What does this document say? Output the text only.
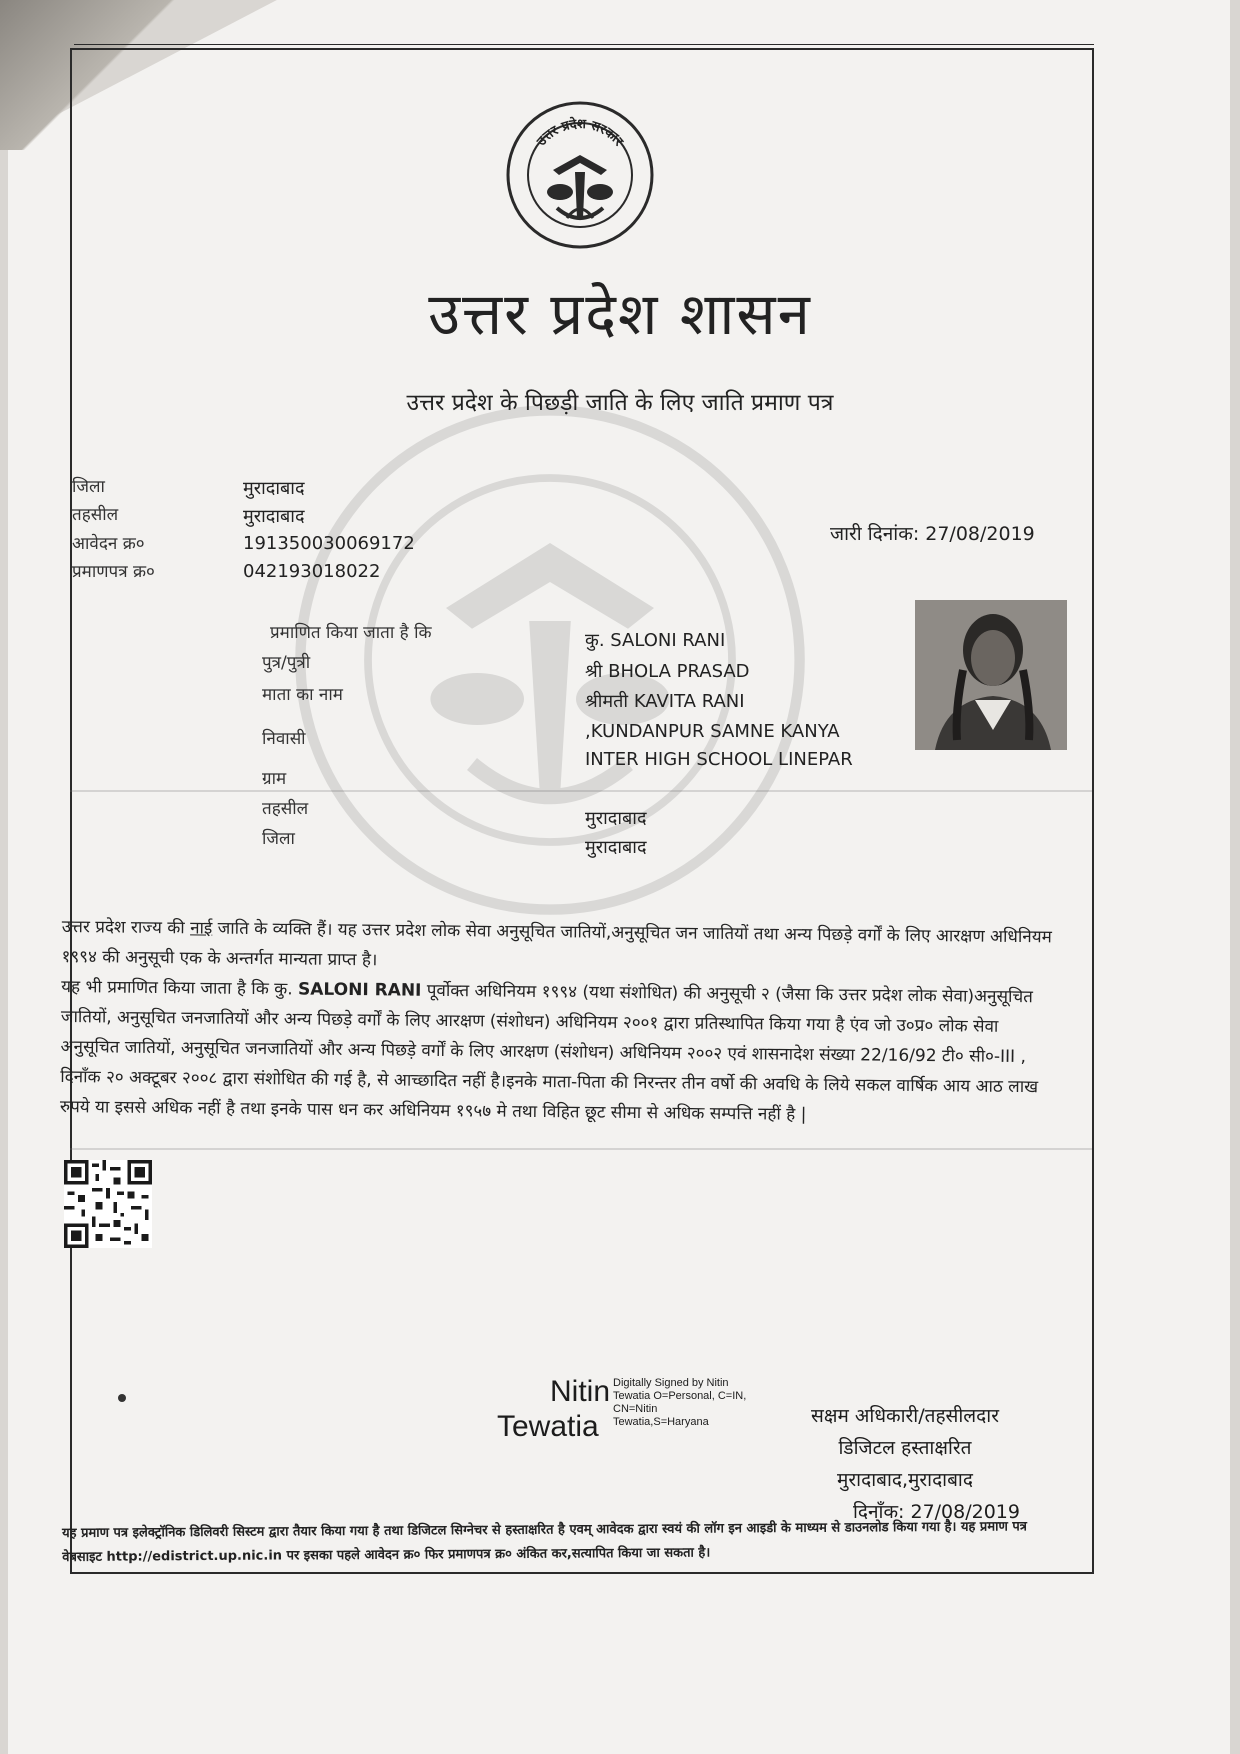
उत्तर प्रदेश सरकार
उत्तर प्रदेश शासन
उत्तर प्रदेश के पिछड़ी जाति के लिए जाति प्रमाण पत्र
जिला	मुरादाबाद
तहसील	मुरादाबाद
आवेदन क्र०	191350030069172
प्रमाणपत्र क्र०	042193018022
जारी दिनांक: 27/08/2019
प्रमाणित किया जाता है कि	कु. SALONI RANI
पुत्र/पुत्री	श्री BHOLA PRASAD
माता का नाम	श्रीमती KAVITA RANI
निवासी	,KUNDANPUR SAMNE KANYA
INTER HIGH SCHOOL LINEPAR
ग्राम
तहसील	मुरादाबाद
जिला	मुरादाबाद

उत्तर प्रदेश राज्य की नाई जाति के व्यक्ति हैं। यह उत्तर प्रदेश लोक सेवा अनुसूचित जातियों,अनुसूचित जन जातियों तथा अन्य पिछड़े वर्गों के लिए आरक्षण अधिनियम १९९४ की अनुसूची एक के अन्तर्गत मान्यता प्राप्त है।

यह भी प्रमाणित किया जाता है कि कु. SALONI RANI पूर्वोक्त अधिनियम १९९४ (यथा संशोधित) की अनुसूची २ (जैसा कि उत्तर प्रदेश लोक सेवा)अनुसूचित जातियों, अनुसूचित जनजातियों और अन्य पिछड़े वर्गों के लिए आरक्षण (संशोधन) अधिनियम २००१ द्वारा प्रतिस्थापित किया गया है एंव जो उ०प्र० लोक सेवा अनुसूचित जातियों, अनुसूचित जनजातियों और अन्य पिछड़े वर्गों के लिए आरक्षण (संशोधन) अधिनियम २००२ एवं शासनादेश संख्या 22/16/92 टी० सी०-III , दिनाँक २० अक्टूबर २००८ द्वारा संशोधित की गई है, से आच्छादित नहीं है।इनके माता-पिता की निरन्तर तीन वर्षो की अवधि के लिये सकल वार्षिक आय आठ लाख रुपये या इससे अधिक नहीं है तथा इनके पास धन कर अधिनियम १९५७ मे तथा विहित छूट सीमा से अधिक सम्पत्ति नहीं है |

Nitin
Tewatia
Digitally Signed by Nitin Tewatia O=Personal, C=IN, CN=Nitin Tewatia,S=Haryana	सक्षम अधिकारी/तहसीलदार
डिजिटल हस्ताक्षरित
मुरादाबाद,मुरादाबाद
दिनाँक: 27/08/2019
यह प्रमाण पत्र इलेक्ट्रॉनिक डिलिवरी सिस्टम द्वारा तैयार किया गया है तथा डिजिटल सिग्नेचर से हस्ताक्षरित है एवम् आवेदक द्वारा स्वयं की लॉग इन आइडी के माध्यम से डाउनलोड किया गया है। यह प्रमाण पत्र वेबसाइट http://edistrict.up.nic.in पर इसका पहले आवेदन क्र० फिर प्रमाणपत्र क्र० अंकित कर,सत्यापित किया जा सकता है।
